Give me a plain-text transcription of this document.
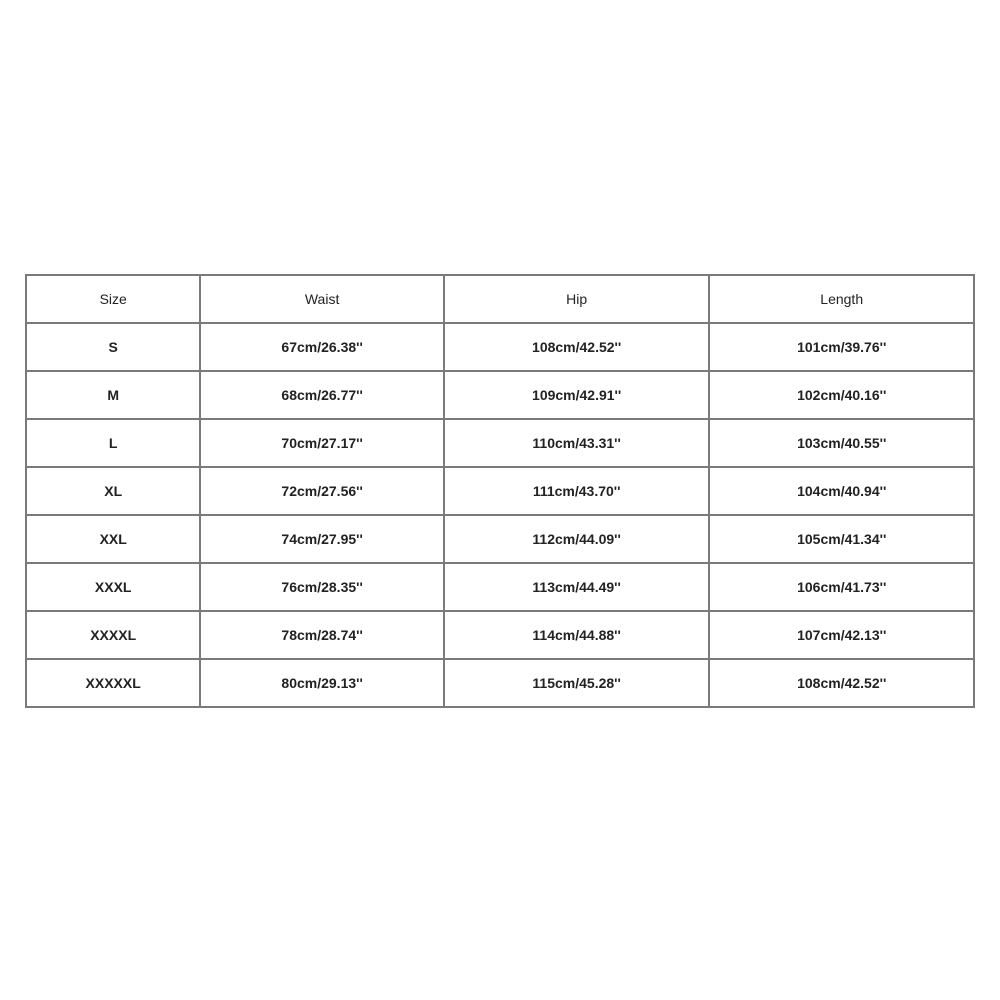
Size	Waist	Hip	Length
S	67cm/26.38''	108cm/42.52''	101cm/39.76''
M	68cm/26.77''	109cm/42.91''	102cm/40.16''
L	70cm/27.17''	110cm/43.31''	103cm/40.55''
XL	72cm/27.56''	111cm/43.70''	104cm/40.94''
XXL	74cm/27.95''	112cm/44.09''	105cm/41.34''
XXXL	76cm/28.35''	113cm/44.49''	106cm/41.73''
XXXXL	78cm/28.74''	114cm/44.88''	107cm/42.13''
XXXXXL	80cm/29.13''	115cm/45.28''	108cm/42.52''
